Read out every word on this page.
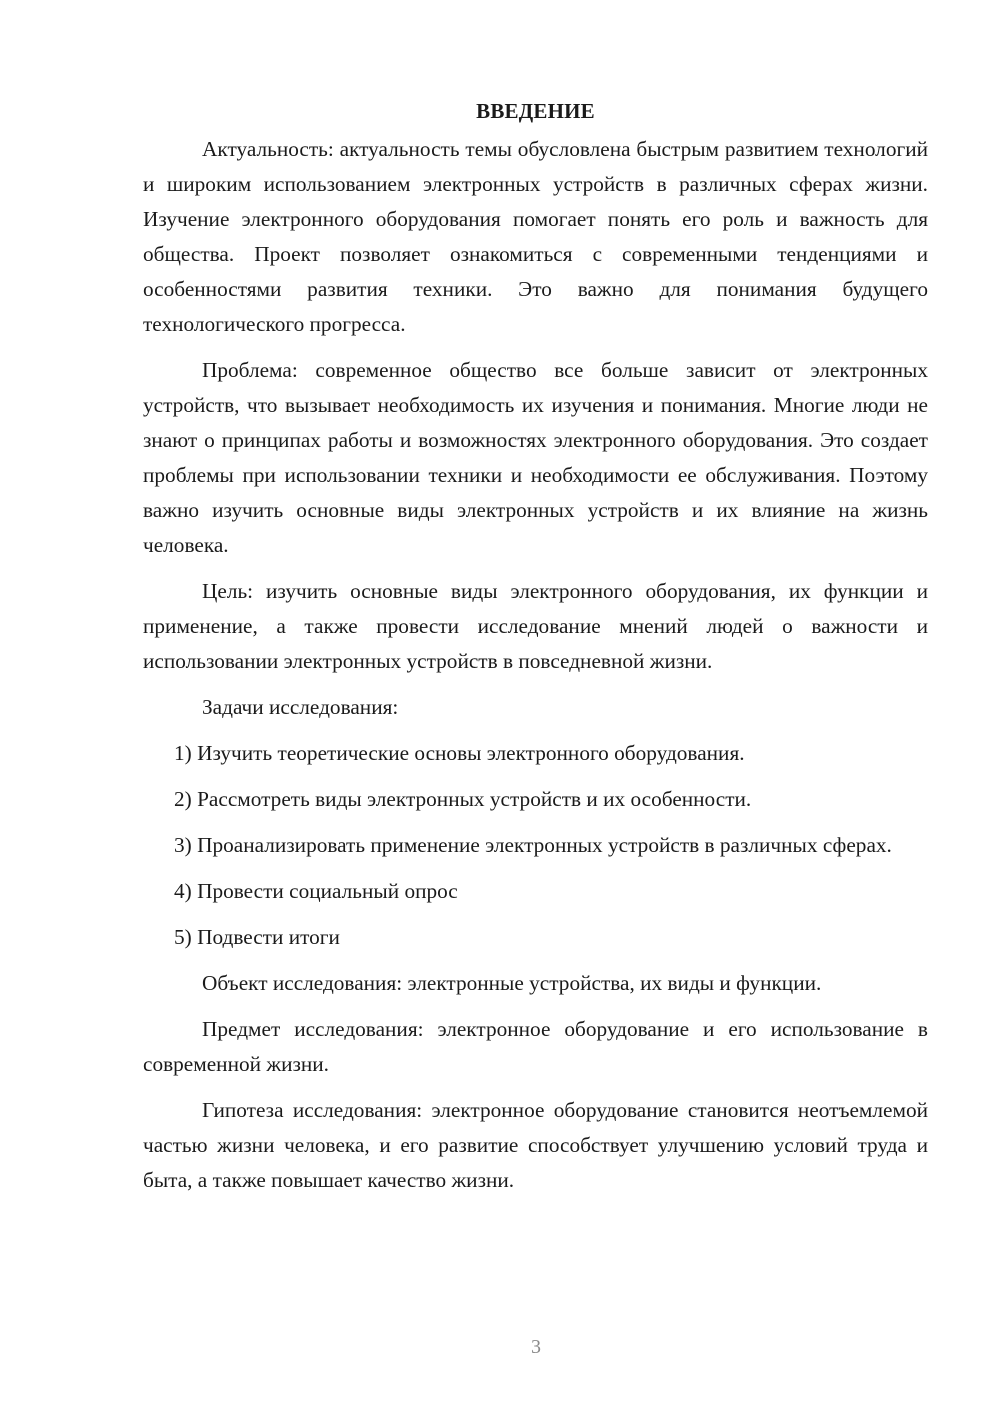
ВВЕДЕНИЕ

Актуальность: актуальность темы обусловлена быстрым развитием технологий и широким использованием электронных устройств в различных сферах жизни. Изучение электронного оборудования помогает понять его роль и важность для общества. Проект позволяет ознакомиться с современными тенденциями и особенностями развития техники. Это важно для понимания будущего технологического прогресса.

Проблема: современное общество все больше зависит от электронных устройств, что вызывает необходимость их изучения и понимания. Многие люди не знают о принципах работы и возможностях электронного оборудования. Это создает проблемы при использовании техники и необходимости ее обслуживания. Поэтому важно изучить основные виды электронных устройств и их влияние на жизнь человека.

Цель: изучить основные виды электронного оборудования, их функции и применение, а также провести исследование мнений людей о важности и использовании электронных устройств в повседневной жизни.

Задачи исследования:

1) Изучить теоретические основы электронного оборудования.

2) Рассмотреть виды электронных устройств и их особенности.

3) Проанализировать применение электронных устройств в различных сферах.

4) Провести социальный опрос

5) Подвести итоги

Объект исследования: электронные устройства, их виды и функции.

Предмет исследования: электронное оборудование и его использование в современной жизни.

Гипотеза исследования: электронное оборудование становится неотъемлемой частью жизни человека, и его развитие способствует улучшению условий труда и быта, а также повышает качество жизни.

3
